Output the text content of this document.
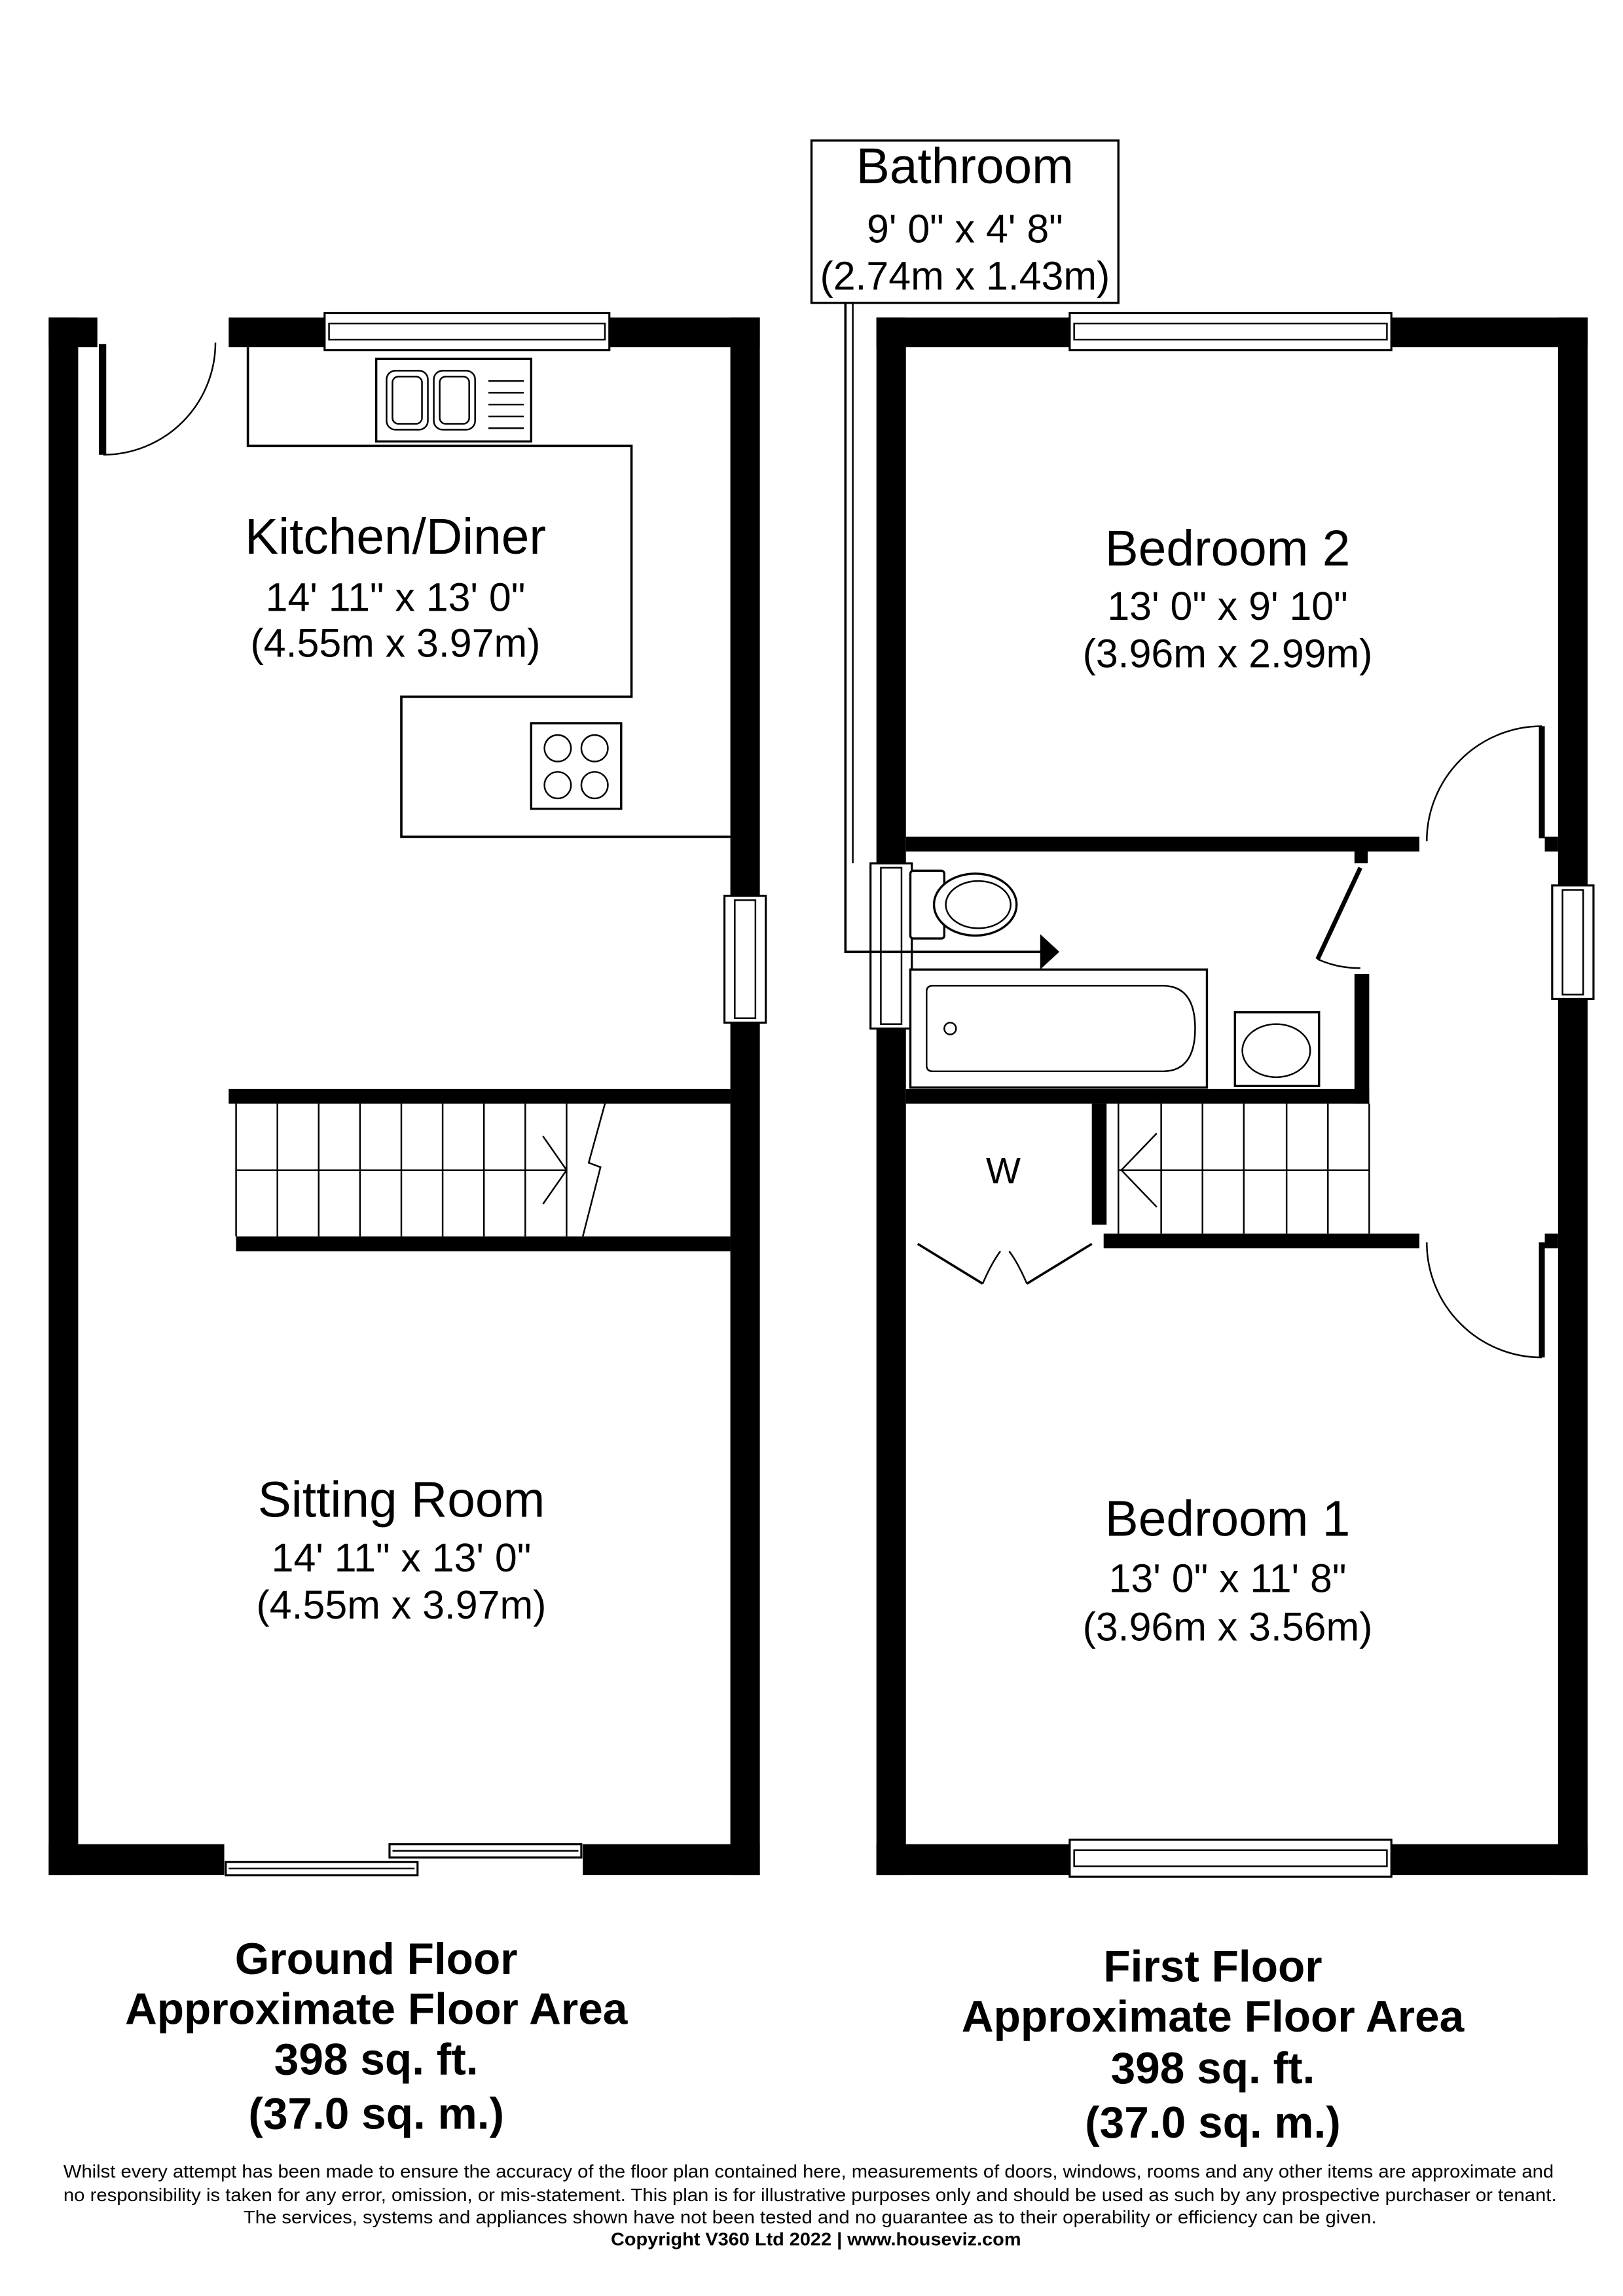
Kitchen/Diner
14' 11" x 13' 0"
(4.55m x 3.97m)
Sitting Room
14' 11" x 13' 0"
(4.55m x 3.97m)
Bathroom
9' 0" x 4' 8"
(2.74m x 1.43m)
W
Bedroom 2
13' 0" x 9' 10"
(3.96m x 2.99m)
Bedroom 1
13' 0" x 11' 8"
(3.96m x 3.56m)
Ground Floor
Approximate Floor Area
398 sq. ft.
(37.0 sq. m.)
First Floor
Approximate Floor Area
398 sq. ft.
(37.0 sq. m.)
Whilst every attempt has been made to ensure the accuracy of the floor plan contained here, measurements of doors, windows, rooms and any other items are approximate and
no responsibility is taken for any error, omission, or mis-statement. This plan is for illustrative purposes only and should be used as such by any prospective purchaser or tenant.
The services, systems and appliances shown have not been tested and no guarantee as to their operability or efficiency can be given.
Copyright V360 Ltd 2022 | www.houseviz.com
